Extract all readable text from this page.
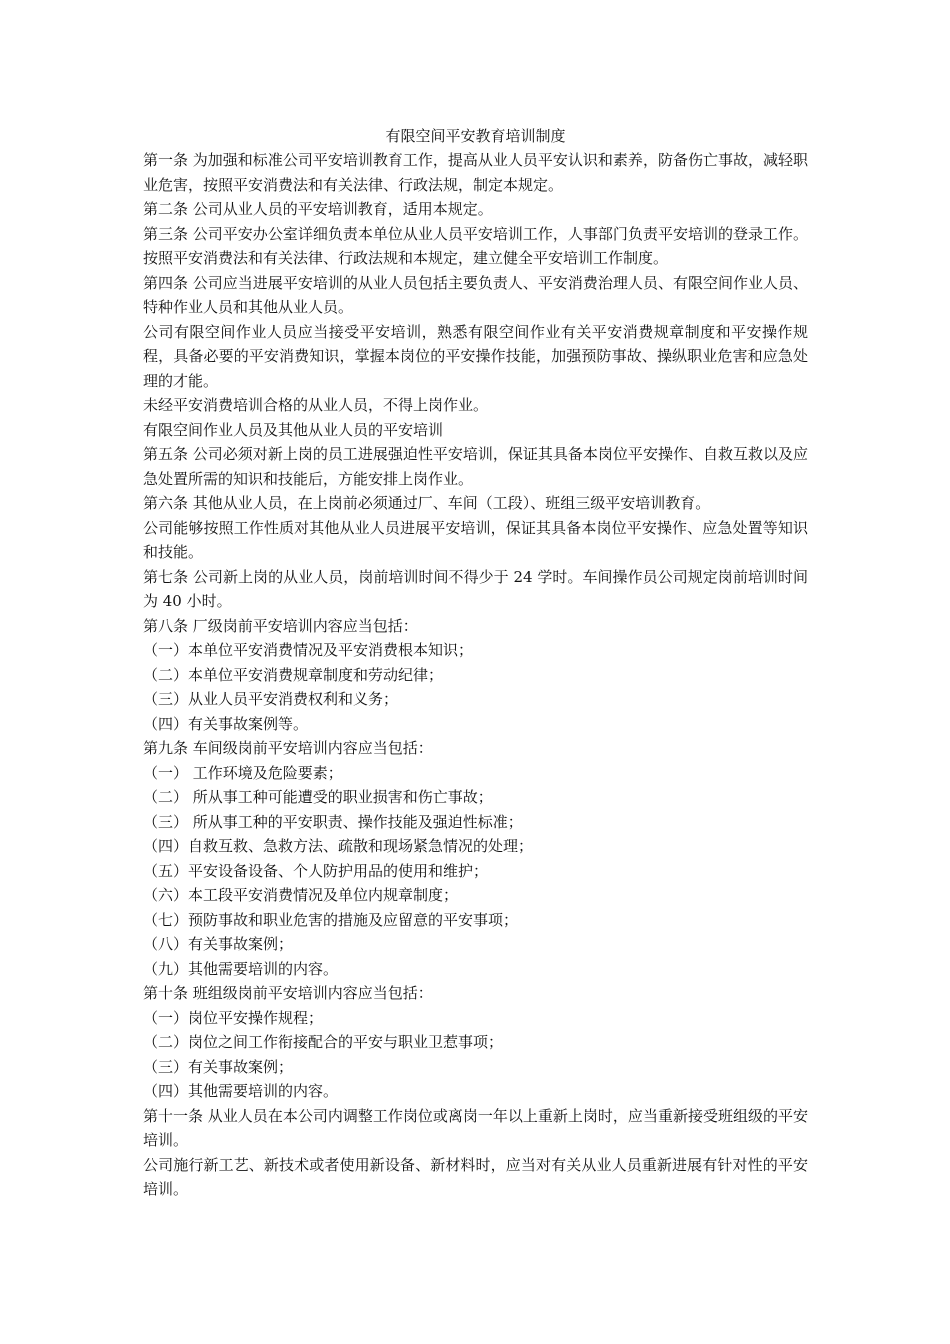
有限空间平安教育培训制度

第一条 为加强和标准公司平安培训教育工作，提高从业人员平安认识和素养，防备伤亡事故，减轻职业危害，按照平安消费法和有关法律、行政法规，制定本规定。

第二条 公司从业人员的平安培训教育，适用本规定。

第三条 公司平安办公室详细负责本单位从业人员平安培训工作，人事部门负责平安培训的登录工作。按照平安消费法和有关法律、行政法规和本规定，建立健全平安培训工作制度。

第四条 公司应当进展平安培训的从业人员包括主要负责人、平安消费治理人员、有限空间作业人员、特种作业人员和其他从业人员。

公司有限空间作业人员应当接受平安培训，熟悉有限空间作业有关平安消费规章制度和平安操作规程，具备必要的平安消费知识，掌握本岗位的平安操作技能，加强预防事故、操纵职业危害和应急处理的才能。

未经平安消费培训合格的从业人员，不得上岗作业。

有限空间作业人员及其他从业人员的平安培训

第五条 公司必须对新上岗的员工进展强迫性平安培训，保证其具备本岗位平安操作、自救互救以及应急处置所需的知识和技能后，方能安排上岗作业。

第六条 其他从业人员，在上岗前必须通过厂、车间（工段）、班组三级平安培训教育。

公司能够按照工作性质对其他从业人员进展平安培训，保证其具备本岗位平安操作、应急处置等知识和技能。

第七条 公司新上岗的从业人员，岗前培训时间不得少于 24 学时。车间操作员公司规定岗前培训时间为 40 小时。

第八条 厂级岗前平安培训内容应当包括：

（一）本单位平安消费情况及平安消费根本知识；

（二）本单位平安消费规章制度和劳动纪律；

（三）从业人员平安消费权利和义务；

（四）有关事故案例等。

第九条 车间级岗前平安培训内容应当包括：

（一） 工作环境及危险要素；

（二） 所从事工种可能遭受的职业损害和伤亡事故；

（三） 所从事工种的平安职责、操作技能及强迫性标准；

（四）自救互救、急救方法、疏散和现场紧急情况的处理；

（五）平安设备设备、个人防护用品的使用和维护；

（六）本工段平安消费情况及单位内规章制度；

（七）预防事故和职业危害的措施及应留意的平安事项；

（八）有关事故案例；

（九）其他需要培训的内容。

第十条 班组级岗前平安培训内容应当包括：

（一）岗位平安操作规程；

（二）岗位之间工作衔接配合的平安与职业卫惹事项；

（三）有关事故案例；

（四）其他需要培训的内容。

第十一条 从业人员在本公司内调整工作岗位或离岗一年以上重新上岗时，应当重新接受班组级的平安培训。

公司施行新工艺、新技术或者使用新设备、新材料时，应当对有关从业人员重新进展有针对性的平安培训。
